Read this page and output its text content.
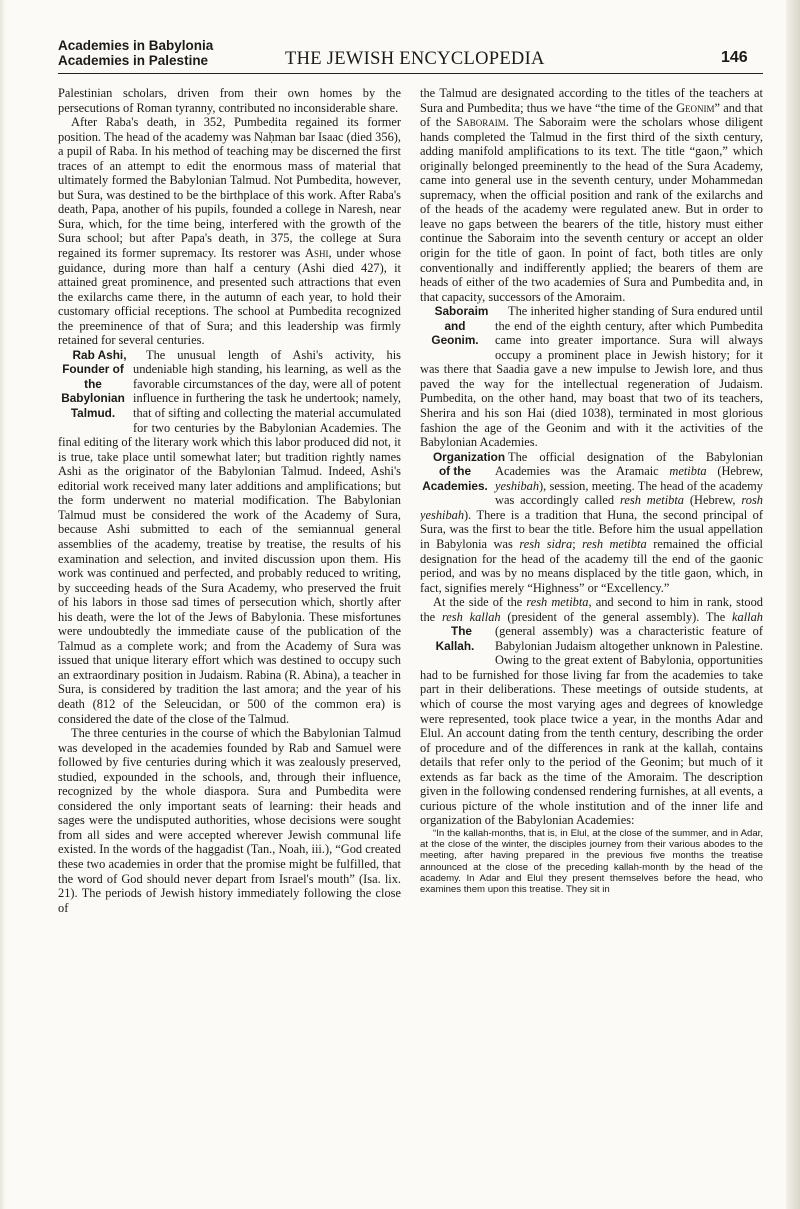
Academies in Babylonia
Academies in Palestine	THE JEWISH ENCYCLOPEDIA	146

Palestinian scholars, driven from their own homes by the persecutions of Roman tyranny, contributed no inconsiderable share.

After Raba's death, in 352, Pumbedita regained its former position. The head of the academy was Naḥman bar Isaac (died 356), a pupil of Raba. In his method of teaching may be discerned the first traces of an attempt to edit the enormous mass of material that ultimately formed the Babylonian Talmud. Not Pumbedita, however, but Sura, was destined to be the birthplace of this work. After Raba's death, Papa, another of his pupils, founded a college in Naresh, near Sura, which, for the time being, interfered with the growth of the Sura school; but after Papa's death, in 375, the college at Sura regained its former supremacy. Its restorer was Ashi, under whose guidance, during more than half a century (Ashi died 427), it attained great prominence, and presented such attractions that even the exilarchs came there, in the autumn of each year, to hold their customary official receptions. The school at Pumbedita recognized the preeminence of that of Sura; and this leadership was firmly retained for several centuries.

Rab Ashi, Founder of the Babylonian Talmud.
The unusual length of Ashi's activity, his undeniable high standing, his learning, as well as the favorable circumstances of the day, were all of potent influence in furthering the task he undertook; namely, that of sifting and collecting the material accumulated for two centuries by the Babylonian Academies. The final editing of the literary work which this labor produced did not, it is true, take place until somewhat later; but tradition rightly names Ashi as the originator of the Babylonian Talmud. Indeed, Ashi's editorial work received many later additions and amplifications; but the form underwent no material modification. The Babylonian Talmud must be considered the work of the Academy of Sura, because Ashi submitted to each of the semiannual general assemblies of the academy, treatise by treatise, the results of his examination and selection, and invited discussion upon them. His work was continued and perfected, and probably reduced to writing, by succeeding heads of the Sura Academy, who preserved the fruit of his labors in those sad times of persecution which, shortly after his death, were the lot of the Jews of Babylonia. These misfortunes were undoubtedly the immediate cause of the publication of the Talmud as a complete work; and from the Academy of Sura was issued that unique literary effort which was destined to occupy such an extraordinary position in Judaism. Rabina (R. Abina), a teacher in Sura, is considered by tradition the last amora; and the year of his death (812 of the Seleucidan, or 500 of the common era) is considered the date of the close of the Talmud.

The three centuries in the course of which the Babylonian Talmud was developed in the academies founded by Rab and Samuel were followed by five centuries during which it was zealously preserved, studied, expounded in the schools, and, through their influence, recognized by the whole diaspora. Sura and Pumbedita were considered the only important seats of learning: their heads and sages were the undisputed authorities, whose decisions were sought from all sides and were accepted wherever Jewish communal life existed. In the words of the haggadist (Tan., Noah, iii.), “God created these two academies in order that the promise might be fulfilled, that the word of God should never depart from Israel's mouth” (Isa. lix. 21). The periods of Jewish history immediately following the close of

the Talmud are designated according to the titles of the teachers at Sura and Pumbedita; thus we have “the time of the Geonim” and that of the Saboraim. The Saboraim were the scholars whose diligent hands completed the Talmud in the first third of the sixth century, adding manifold amplifications to its text. The title “gaon,” which originally belonged preeminently to the head of the Sura Academy, came into general use in the seventh century, under Mohammedan supremacy, when the official position and rank of the exilarchs and of the heads of the academy were regulated anew. But in order to leave no gaps between the bearers of the title, history must either continue the Saboraim into the seventh century or accept an older origin for the title of gaon. In point of fact, both titles are only conventionally and indifferently applied; the bearers of them are heads of either of the two academies of Sura and Pumbedita and, in that capacity, successors of the Amoraim.

Saboraim and Geonim.
The inherited higher standing of Sura endured until the end of the eighth century, after which Pumbedita came into greater importance. Sura will always occupy a prominent place in Jewish history; for it was there that Saadia gave a new impulse to Jewish lore, and thus paved the way for the intellectual regeneration of Judaism. Pumbedita, on the other hand, may boast that two of its teachers, Sherira and his son Hai (died 1038), terminated in most glorious fashion the age of the Geonim and with it the activities of the Babylonian Academies.

Organization of the Academies.
The official designation of the Babylonian Academies was the Aramaic metibta (Hebrew, yeshibah), session, meeting. The head of the academy was accordingly called resh metibta (Hebrew, rosh yeshibah). There is a tradition that Huna, the second principal of Sura, was the first to bear the title. Before him the usual appellation in Babylonia was resh sidra; resh metibta remained the official designation for the head of the academy till the end of the gaonic period, and was by no means displaced by the title gaon, which, in fact, signifies merely “Highness” or “Excellency.”

At the side of the resh metibta, and second to him in rank, stood the resh kallah (president of the general assembly). The
The Kallah.
kallah (general assembly) was a characteristic feature of Babylonian Judaism altogether unknown in Palestine. Owing to the great extent of Babylonia, opportunities had to be furnished for those living far from the academies to take part in their deliberations. These meetings of outside students, at which of course the most varying ages and degrees of knowledge were represented, took place twice a year, in the months Adar and Elul. An account dating from the tenth century, describing the order of procedure and of the differences in rank at the kallah, contains details that refer only to the period of the Geonim; but much of it extends as far back as the time of the Amoraim. The description given in the following condensed rendering furnishes, at all events, a curious picture of the whole institution and of the inner life and organization of the Babylonian Academies:

“In the kallah-months, that is, in Elul, at the close of the summer, and in Adar, at the close of the winter, the disciples journey from their various abodes to the meeting, after having prepared in the previous five months the treatise announced at the close of the preceding kallah-month by the head of the academy. In Adar and Elul they present themselves before the head, who examines them upon this treatise. They sit in
